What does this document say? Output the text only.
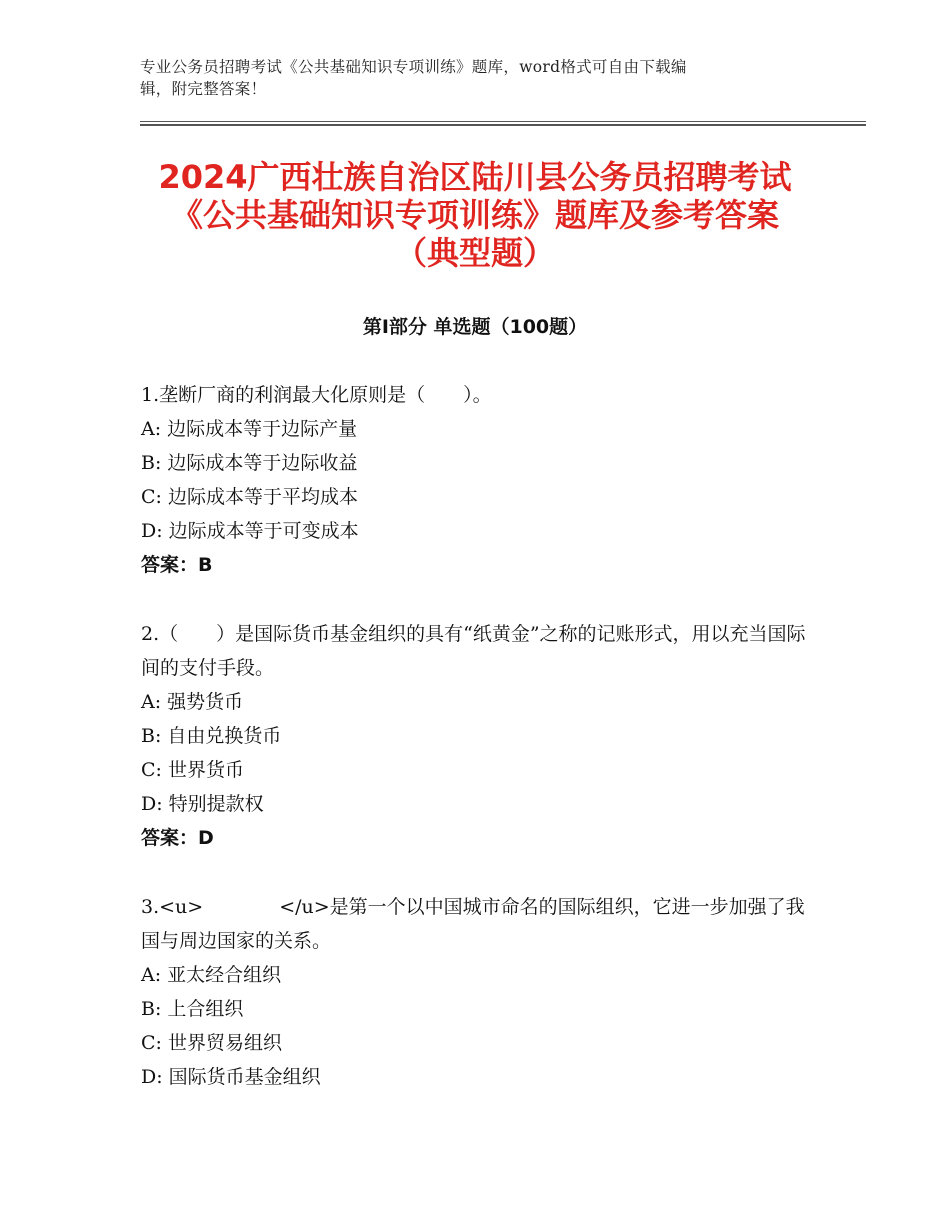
专业公务员招聘考试《公共基础知识专项训练》题库，word格式可自由下载编
辑，附完整答案！
2024广西壮族自治区陆川县公务员招聘考试
《公共基础知识专项训练》题库及参考答案
（典型题）
第Ⅰ部分 单选题（100题）
1.垄断厂商的利润最大化原则是（　　）。
A: 边际成本等于边际产量
B: 边际成本等于边际收益
C: 边际成本等于平均成本
D: 边际成本等于可变成本
答案：B
2.（　　）是国际货币基金组织的具有“纸黄金”之称的记账形式，用以充当国际间的支付手段。
A: 强势货币
B: 自由兑换货币
C: 世界货币
D: 特别提款权
答案：D
3.<u>　　　　</u>是第一个以中国城市命名的国际组织，它进一步加强了我国与周边国家的关系。
A: 亚太经合组织
B: 上合组织
C: 世界贸易组织
D: 国际货币基金组织
